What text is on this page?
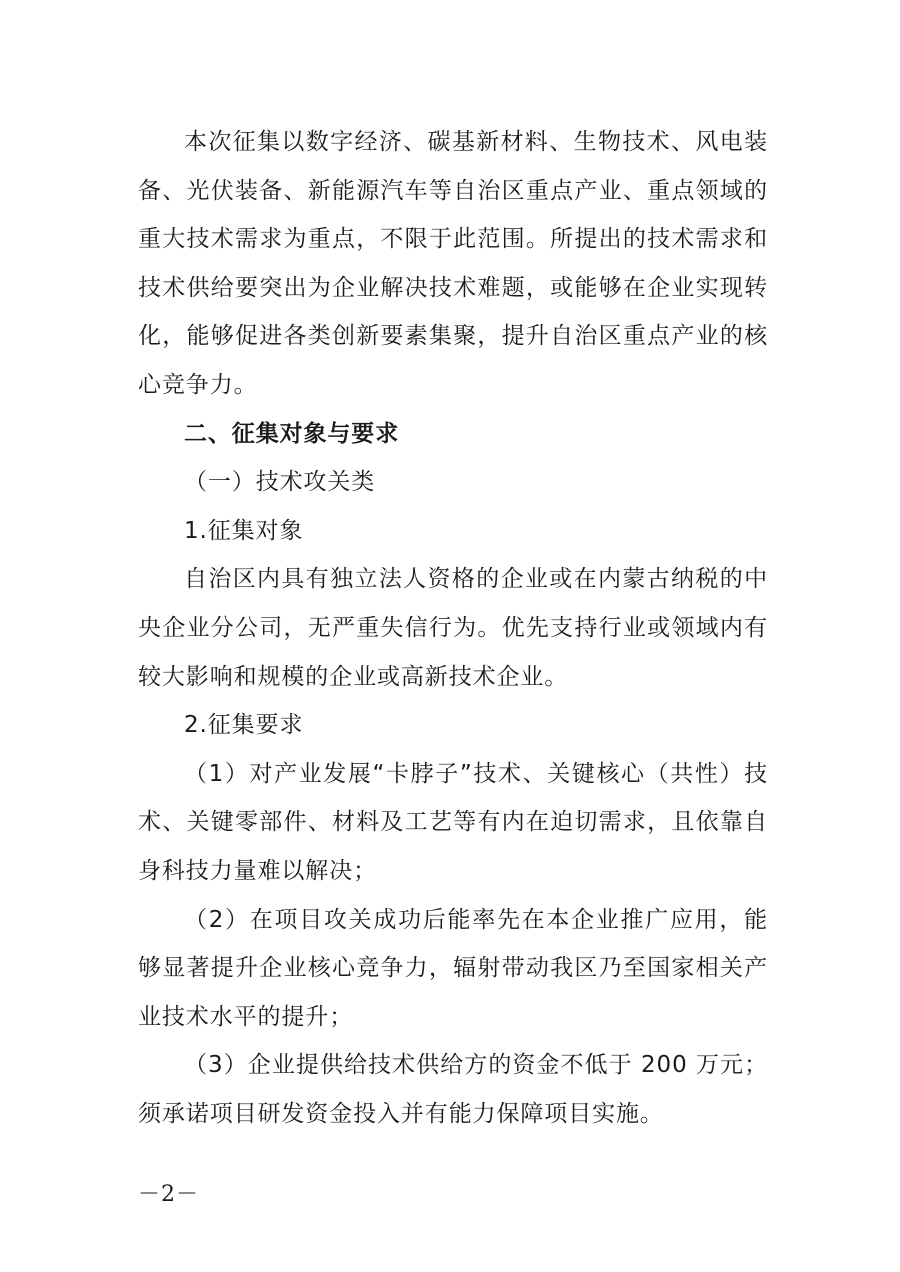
本次征集以数字经济、碳基新材料、生物技术、风电装备、光伏装备、新能源汽车等自治区重点产业、重点领域的重大技术需求为重点，不限于此范围。所提出的技术需求和技术供给要突出为企业解决技术难题，或能够在企业实现转化，能够促进各类创新要素集聚，提升自治区重点产业的核心竞争力。

二、征集对象与要求

（一）技术攻关类

1.征集对象

自治区内具有独立法人资格的企业或在内蒙古纳税的中央企业分公司，无严重失信行为。优先支持行业或领域内有较大影响和规模的企业或高新技术企业。

2.征集要求

（1）对产业发展“卡脖子”技术、关键核心（共性）技术、关键零部件、材料及工艺等有内在迫切需求，且依靠自身科技力量难以解决；

（2）在项目攻关成功后能率先在本企业推广应用，能够显著提升企业核心竞争力，辐射带动我区乃至国家相关产业技术水平的提升；

（3）企业提供给技术供给方的资金不低于 200 万元；须承诺项目研发资金投入并有能力保障项目实施。

－2－
